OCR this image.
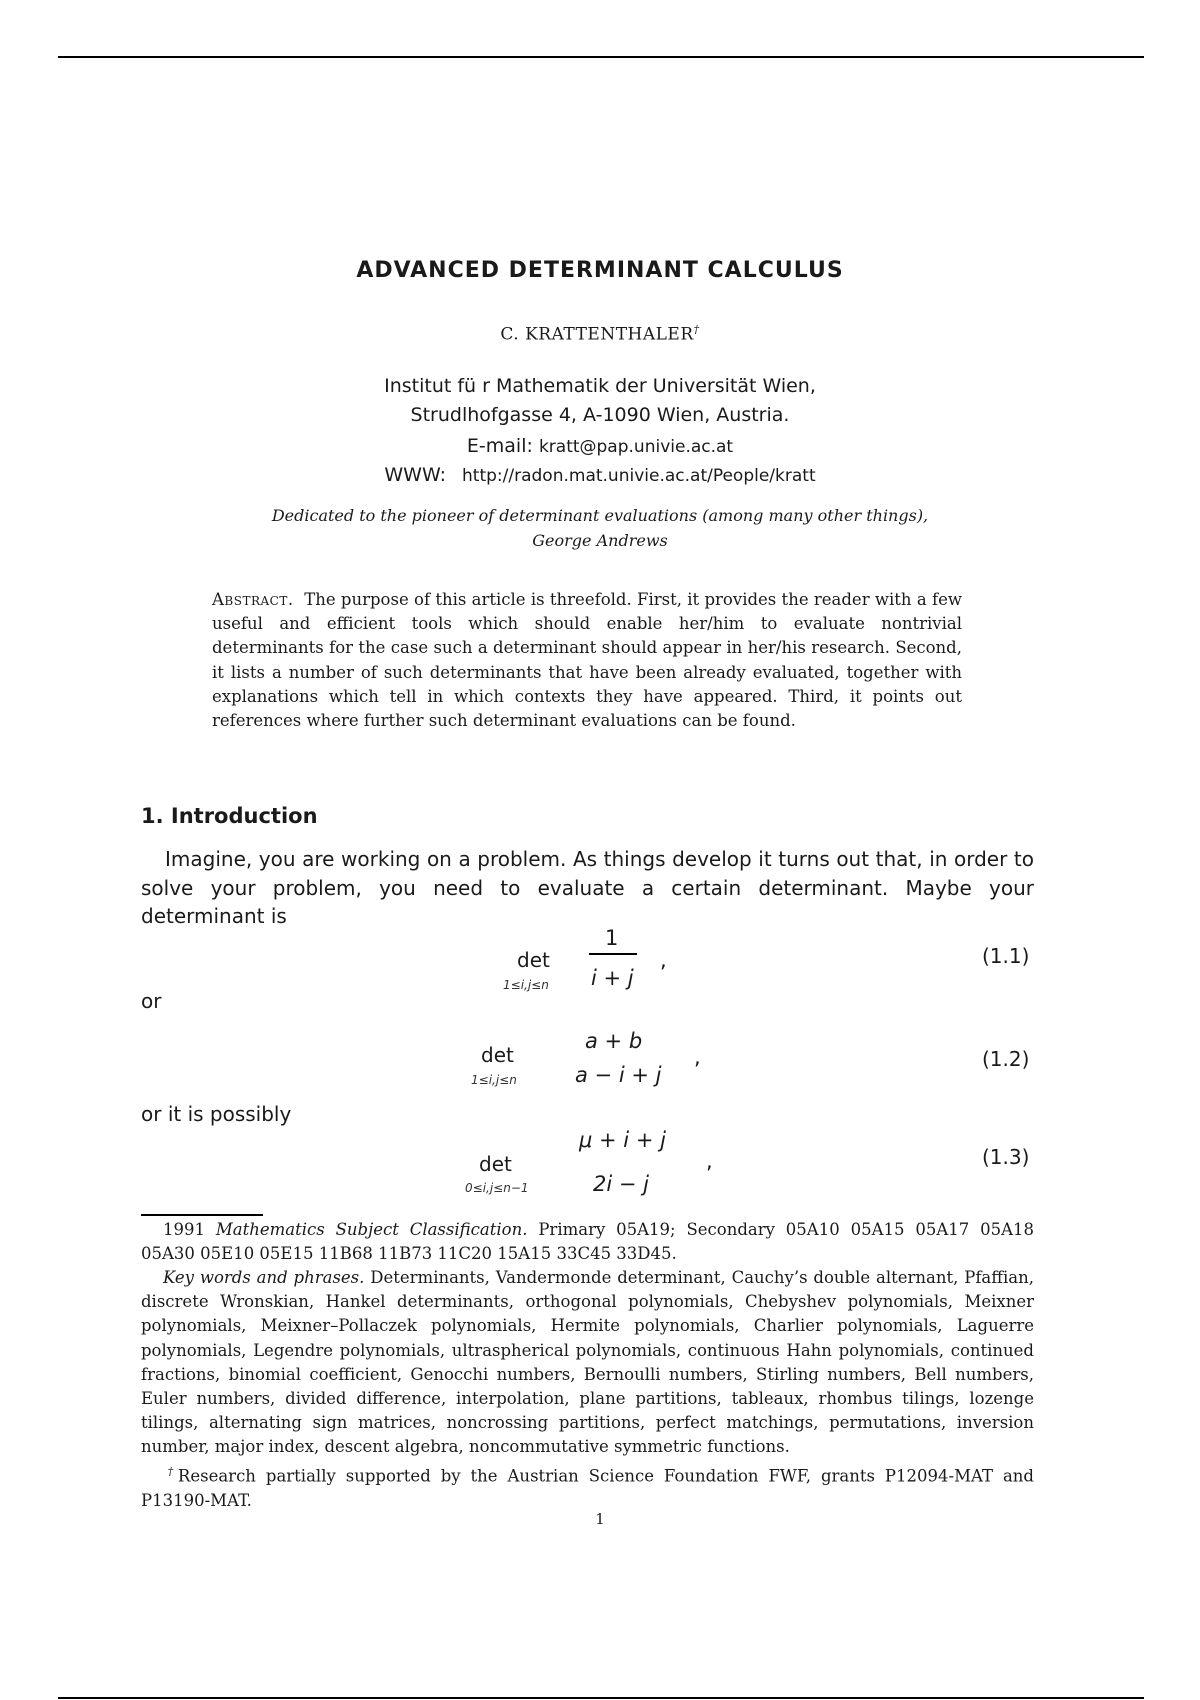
ADVANCED DETERMINANT CALCULUS
C. KRATTENTHALER†
Institut fü r Mathematik der Universität Wien,
Strudlhofgasse 4, A-1090 Wien, Austria.
E-mail: kratt@pap.univie.ac.at
WWW: http://radon.mat.univie.ac.at/People/kratt
Dedicated to the pioneer of determinant evaluations (among many other things),
George Andrews
Abstract. The purpose of this article is threefold. First, it provides the reader with a few useful and efficient tools which should enable her/him to evaluate nontrivial determinants for the case such a determinant should appear in her/his research. Second, it lists a number of such determinants that have been already evaluated, together with explanations which tell in which contexts they have appeared. Third, it points out references where further such determinant evaluations can be found.
1. Introduction
Imagine, you are working on a problem. As things develop it turns out that, in order to solve your problem, you need to evaluate a certain determinant. Maybe your determinant is
det
1≤i,j≤n
1
i + j
,	(1.1)
or
det
1≤i,j≤n
a + b
a − i + j
,	(1.2)
or it is possibly
det
0≤i,j≤n−1
μ + i + j
2i − j
,	(1.3)
1991 Mathematics Subject Classification. Primary 05A19; Secondary 05A10 05A15 05A17 05A18 05A30 05E10 05E15 11B68 11B73 11C20 15A15 33C45 33D45.
Key words and phrases. Determinants, Vandermonde determinant, Cauchy’s double alternant, Pfaffian, discrete Wronskian, Hankel determinants, orthogonal polynomials, Chebyshev polynomials, Meixner polynomials, Meixner–Pollaczek polynomials, Hermite polynomials, Charlier polynomials, Laguerre polynomials, Legendre polynomials, ultraspherical polynomials, continuous Hahn polynomials, continued fractions, binomial coefficient, Genocchi numbers, Bernoulli numbers, Stirling numbers, Bell numbers, Euler numbers, divided difference, interpolation, plane partitions, tableaux, rhombus tilings, lozenge tilings, alternating sign matrices, noncrossing partitions, perfect matchings, permutations, inversion number, major index, descent algebra, noncommutative symmetric functions.
†Research partially supported by the Austrian Science Foundation FWF, grants P12094-MAT and P13190-MAT.
1
